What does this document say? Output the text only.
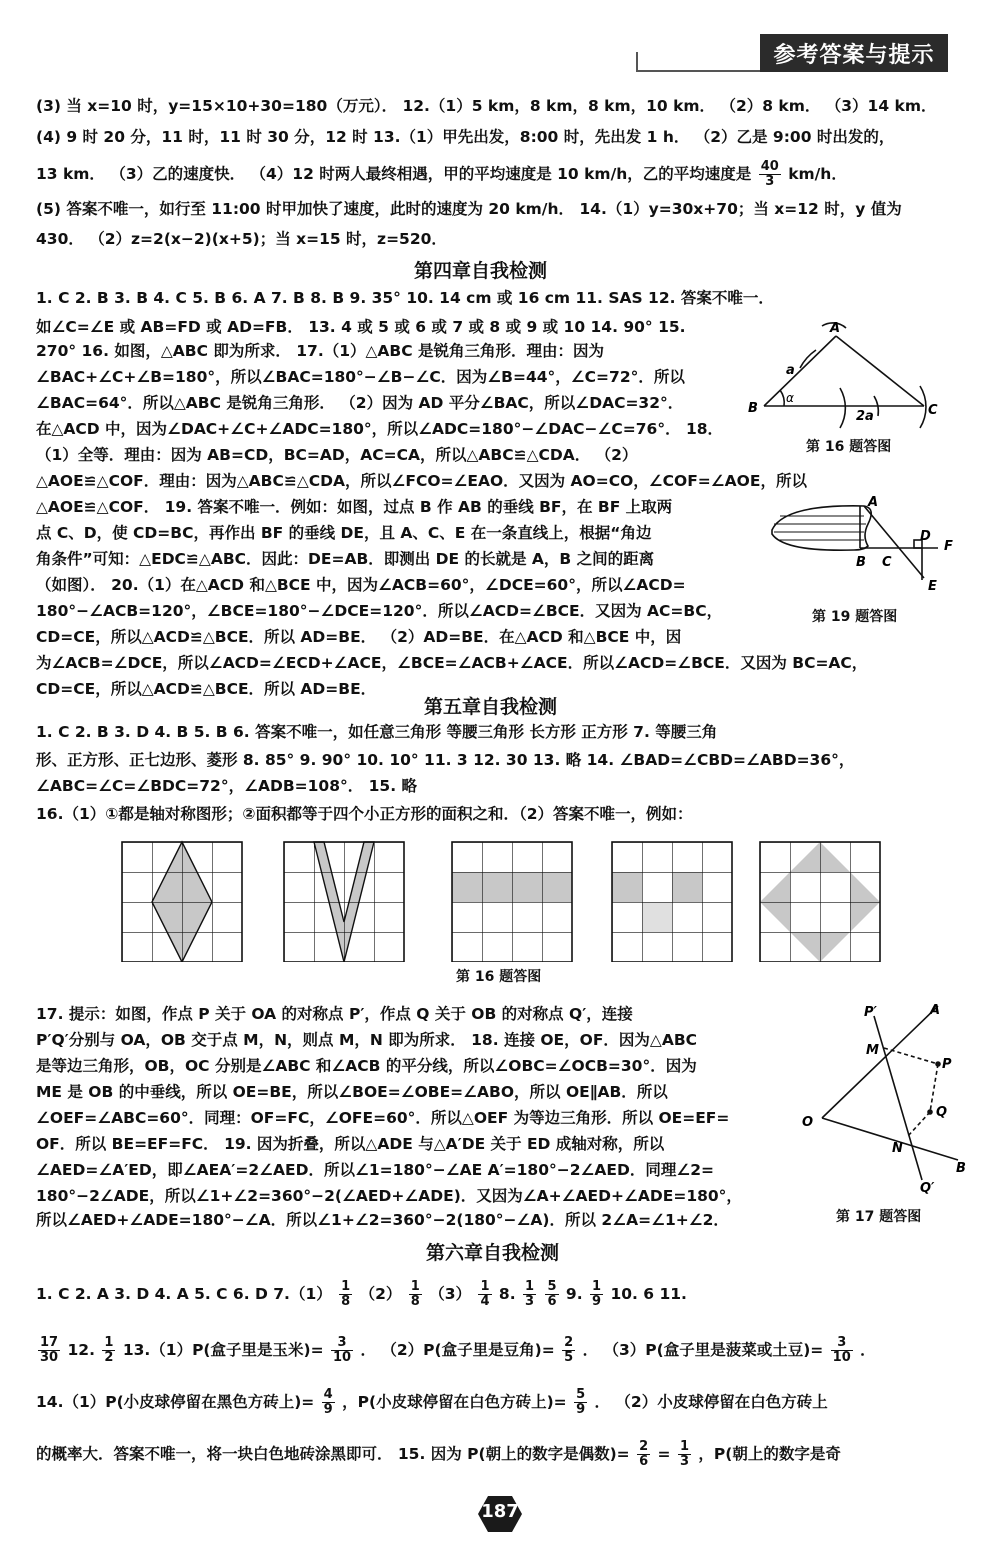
参考答案与提示
(3) 当 x=10 时，y=15×10+30=180（万元）． 12.（1）5 km，8 km，8 km，10 km． （2）8 km． （3）14 km．
(4) 9 时 20 分，11 时，11 时 30 分，12 时 13.（1）甲先出发，8:00 时，先出发 1 h． （2）乙是 9:00 时出发的，
13 km． （3）乙的速度快． （4）12 时两人最终相遇，甲的平均速度是 10 km/h，乙的平均速度是 $\frac{40}{3} km/h$．
(5) 答案不唯一，如行至 11:00 时甲加快了速度，此时的速度为 20 km/h． 14.（1）y=30x+70；当 x=12 时，y 值为
430． （2）z=2(x−2)(x+5)；当 x=15 时，z=520．
第四章自我检测
1. C 2. B 3. B 4. C 5. B 6. A 7. B 8. B 9. 35° 10. 14 cm 或 16 cm 11. SAS 12. 答案不唯一．
如∠C=∠E 或 AB=FD 或 AD=FB． 13. 4 或 5 或 6 或 7 或 8 或 9 或 10 14. 90° 15.
270° 16. 如图，△ABC 即为所求． 17.（1）△ABC 是锐角三角形．理由：因为
∠BAC+∠C+∠B=180°，所以∠BAC=180°−∠B−∠C．因为∠B=44°，∠C=72°．所以
∠BAC=64°．所以△ABC 是锐角三角形． （2）因为 AD 平分∠BAC，所以∠DAC=32°．
在△ACD 中，因为∠DAC+∠C+∠ADC=180°，所以∠ADC=180°−∠DAC−∠C=76°． 18．
（1）全等．理由：因为 AB=CD，BC=AD，AC=CA，所以△ABC≌△CDA． （2）
△AOE≌△COF．理由：因为△ABC≌△CDA，所以∠FCO=∠EAO．又因为 AO=CO，∠COF=∠AOE，所以
△AOE≌△COF． 19. 答案不唯一．例如：如图，过点 B 作 AB 的垂线 BF，在 BF 上取两
点 C、D，使 CD=BC，再作出 BF 的垂线 DE，且 A、C、E 在一条直线上，根据“角边
角条件”可知：△EDC≌△ABC．因此：DE=AB．即测出 DE 的长就是 A，B 之间的距离
（如图）． 20.（1）在△ACD 和△BCE 中，因为∠ACB=60°，∠DCE=60°，所以∠ACD=
180°−∠ACB=120°，∠BCE=180°−∠DCE=120°．所以∠ACD=∠BCE．又因为 AC=BC，
CD=CE，所以△ACD≌△BCE．所以 AD=BE． （2）AD=BE．在△ACD 和△BCE 中，因
为∠ACB=∠DCE，所以∠ACD=∠ECD+∠ACE，∠BCE=∠ACB+∠ACE．所以∠ACD=∠BCE．又因为 BC=AC，
CD=CE，所以△ACD≌△BCE．所以 AD=BE．
A
B	C
a
α
2a
第 16 题答图
A
B C
D
F
E
第 19 题答图
第五章自我检测
1. C 2. B 3. D 4. B 5. B 6. 答案不唯一，如任意三角形 等腰三角形 长方形 正方形 7. 等腰三角
形、正方形、正七边形、菱形 8. 85° 9. 90° 10. 10° 11. 3 12. 30 13. 略 14. ∠BAD=∠CBD=∠ABD=36°，
∠ABC=∠C=∠BDC=72°，∠ADB=108°． 15. 略
16.（1）①都是轴对称图形；②面积都等于四个小正方形的面积之和．（2）答案不唯一，例如：
第 16 题答图
17. 提示：如图，作点 P 关于 OA 的对称点 P′，作点 Q 关于 OB 的对称点 Q′，连接
P′Q′分别与 OA，OB 交于点 M，N，则点 M，N 即为所求． 18. 连接 OE，OF．因为△ABC
是等边三角形，OB，OC 分别是∠ABC 和∠ACB 的平分线，所以∠OBC=∠OCB=30°．因为
ME 是 OB 的中垂线，所以 OE=BE，所以∠BOE=∠OBE=∠ABO，所以 OE∥AB．所以
∠OEF=∠ABC=60°．同理：OF=FC，∠OFE=60°．所以△OEF 为等边三角形．所以 OE=EF=
OF．所以 BE=EF=FC． 19. 因为折叠，所以△ADE 与△A′DE 关于 ED 成轴对称，所以
∠AED=∠A′ED，即∠AEA′=2∠AED．所以∠1=180°−∠AE A′=180°−2∠AED．同理∠2=
180°−2∠ADE，所以∠1+∠2=360°−2(∠AED+∠ADE)．又因为∠A+∠AED+∠ADE=180°，
所以∠AED+∠ADE=180°−∠A．所以∠1+∠2=360°−2(180°−∠A)．所以 2∠A=∠1+∠2．
P′	A
M
P
Q
O
N
B
Q′
第 17 题答图
第六章自我检测
1. C 2. A 3. D 4. A 5. C 6. D $7.(1) \frac{1}{8} (2) \frac{1}{8} (3) \frac{1}{4} 8$. $\frac{1}{3}$
$\frac{5}{6} 9$. $\frac{1}{9} 10$. 6 11.
$\frac{17}{30} 12$. $\frac{1}{2} 13.(1)P$(盒子里是玉米)= $\frac{3}{10}$ ． （2）P(盒子里是豆角)= $\frac{2}{5}$ ． （3）P(盒子里是菠菜或土豆)= $\frac{3}{10}$ ．
14.（1）P(小皮球停留在黑色方砖上)= $\frac{4}{9}$ ，P(小皮球停留在白色方砖上)= $\frac{5}{9}$ ． （2）小皮球停留在白色方砖上
的概率大．答案不唯一，将一块白色地砖涂黑即可． 15. 因为 P(朝上的数字是偶数)= $\frac{2}{6} = \frac{1}{3}$ ，P(朝上的数字是奇
187
